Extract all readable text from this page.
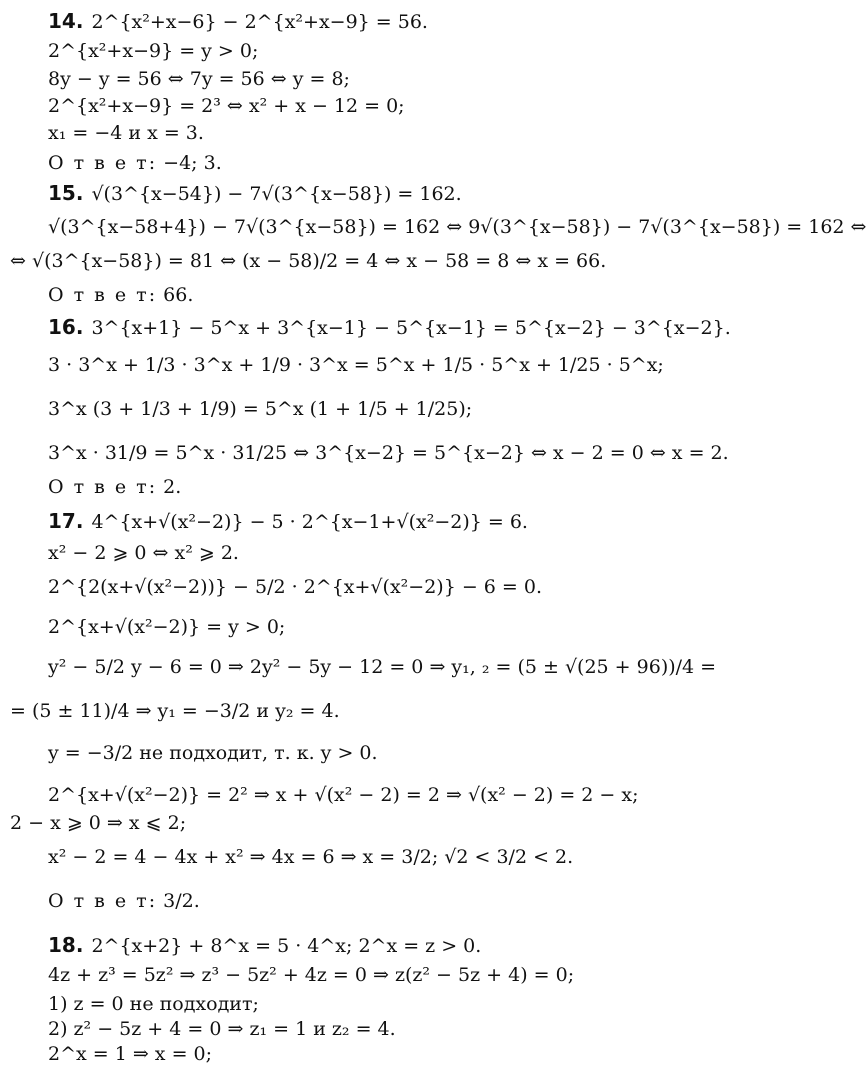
14. 2^{x²+x−6} − 2^{x²+x−9} = 56.
2^{x²+x−9} = y > 0;
8y − y = 56 ⇔ 7y = 56 ⇔ y = 8;
2^{x²+x−9} = 2³ ⇔ x² + x − 12 = 0;
x₁ = −4 и x = 3.
О т в е т: −4; 3.
15. √(3^{x−54}) − 7√(3^{x−58}) = 162.
√(3^{x−58+4}) − 7√(3^{x−58}) = 162 ⇔ 9√(3^{x−58}) − 7√(3^{x−58}) = 162 ⇔
⇔ √(3^{x−58}) = 81 ⇔ (x − 58)/2 = 4 ⇔ x − 58 = 8 ⇔ x = 66.
О т в е т: 66.
16. 3^{x+1} − 5^x + 3^{x−1} − 5^{x−1} = 5^{x−2} − 3^{x−2}.
3 · 3^x + 1/3 · 3^x + 1/9 · 3^x = 5^x + 1/5 · 5^x + 1/25 · 5^x;
3^x (3 + 1/3 + 1/9) = 5^x (1 + 1/5 + 1/25);
3^x · 31/9 = 5^x · 31/25 ⇔ 3^{x−2} = 5^{x−2} ⇔ x − 2 = 0 ⇔ x = 2.
О т в е т: 2.
17. 4^{x+√(x²−2)} − 5 · 2^{x−1+√(x²−2)} = 6.
x² − 2 ⩾ 0 ⇔ x² ⩾ 2.
2^{2(x+√(x²−2))} − 5/2 · 2^{x+√(x²−2)} − 6 = 0.
2^{x+√(x²−2)} = y > 0;
y² − 5/2 y − 6 = 0 ⇒ 2y² − 5y − 12 = 0 ⇒ y₁, ₂ = (5 ± √(25 + 96))/4 =
= (5 ± 11)/4 ⇒ y₁ = −3/2 и y₂ = 4.
y = −3/2 не подходит, т. к. y > 0.
2^{x+√(x²−2)} = 2² ⇒ x + √(x² − 2) = 2 ⇒ √(x² − 2) = 2 − x;
2 − x ⩾ 0 ⇒ x ⩽ 2;
x² − 2 = 4 − 4x + x² ⇒ 4x = 6 ⇒ x = 3/2; √2 < 3/2 < 2.
О т в е т: 3/2.
18. 2^{x+2} + 8^x = 5 · 4^x; 2^x = z > 0.
4z + z³ = 5z² ⇒ z³ − 5z² + 4z = 0 ⇒ z(z² − 5z + 4) = 0;
1) z = 0 не подходит;
2) z² − 5z + 4 = 0 ⇒ z₁ = 1 и z₂ = 4.
2^x = 1 ⇒ x = 0;
